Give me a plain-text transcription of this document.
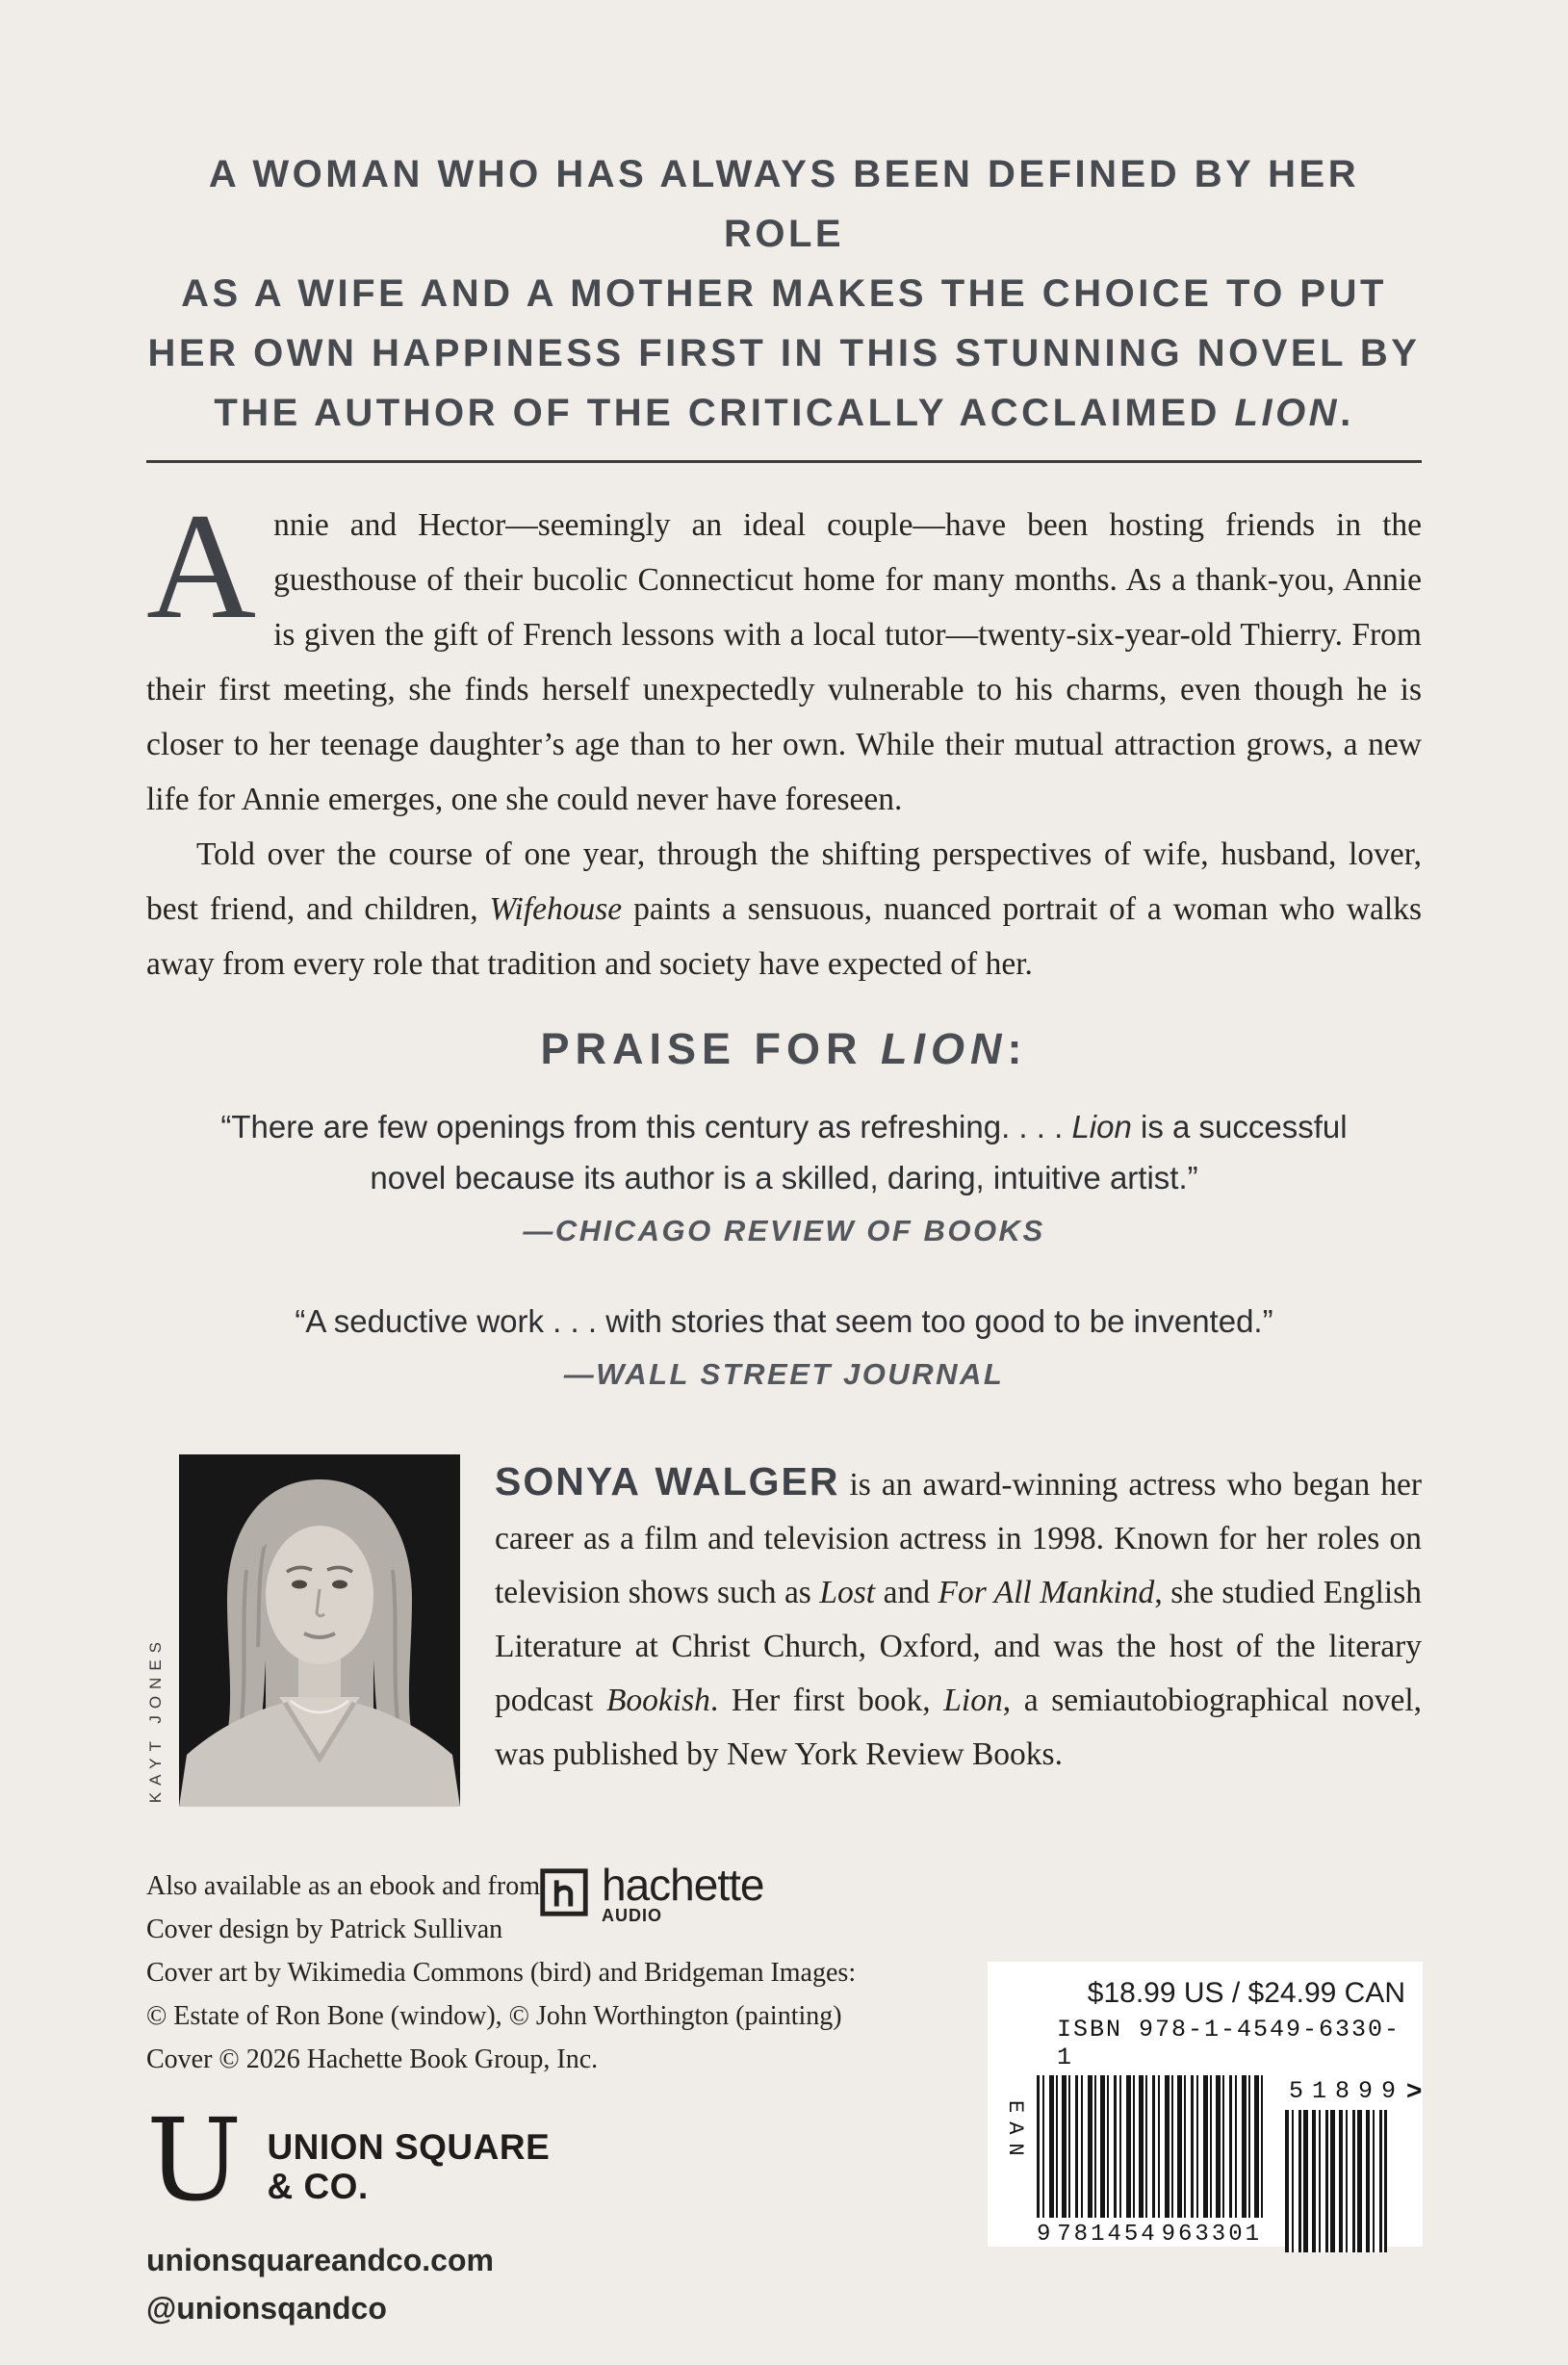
A WOMAN WHO HAS ALWAYS BEEN DEFINED BY HER ROLE
AS A WIFE AND A MOTHER MAKES THE CHOICE TO PUT
HER OWN HAPPINESS FIRST IN THIS STUNNING NOVEL BY
THE AUTHOR OF THE CRITICALLY ACCLAIMED LION.

Annie and Hector—seemingly an ideal couple—have been hosting friends in the guesthouse of their bucolic Connecticut home for many months. As a thank-you, Annie is given the gift of French lessons with a local tutor—twenty-six-year-old Thierry. From their first meeting, she finds herself unexpectedly vulnerable to his charms, even though he is closer to her teenage daughter’s age than to her own. While their mutual attraction grows, a new life for Annie emerges, one she could never have foreseen.

Told over the course of one year, through the shifting perspectives of wife, husband, lover, best friend, and children, Wifehouse paints a sensuous, nuanced portrait of a woman who walks away from every role that tradition and society have expected of her.

PRAISE FOR LION:

“There are few openings from this century as refreshing. . . . Lion is a successful novel because its author is a skilled, daring, intuitive artist.”

—CHICAGO REVIEW OF BOOKS

“A seductive work . . . with stories that seem too good to be invented.”

—WALL STREET JOURNAL

KAYT JONES

SONYA WALGER is an award-winning actress who began her career as a film and television actress in 1998. Known for her roles on television shows such as Lost and For All Mankind, she studied English Literature at Christ Church, Oxford, and was the host of the literary podcast Bookish. Her first book, Lion, a semiautobiographical novel, was published by New York Review Books.

Also available as an ebook and from	hachette
AUDIO

Cover design by Patrick Sullivan

Cover art by Wikimedia Commons (bird) and Bridgeman Images:

© Estate of Ron Bone (window), © John Worthington (painting)

Cover © 2026 Hachette Book Group, Inc.

U UNION SQUARE
& CO.

unionsquareandco.com

@unionsqandco

$18.99 US / $24.99 CAN
ISBN 978-1-4549-6330-1
EAN
9 781454 963301
51899 >
